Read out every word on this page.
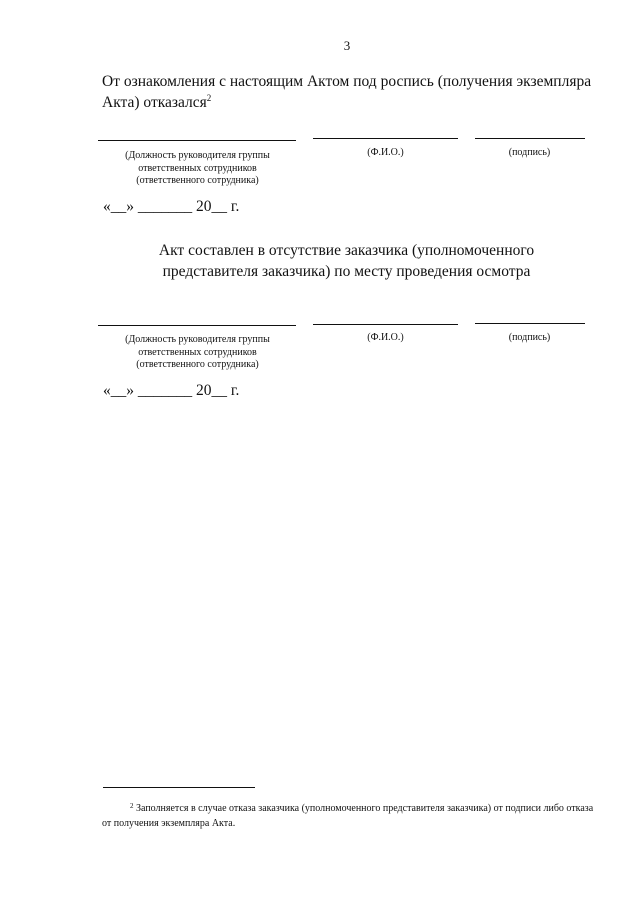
3
От ознакомления с настоящим Актом под роспись (получения экземпляра Акта) отказался$^2$
(Должность руководителя группы ответственных сотрудников (ответственного сотрудника)
(Ф.И.О.)	(подпись)
«__» _______ 20__ г.
Акт составлен в отсутствие заказчика (уполномоченного представителя заказчика) по месту проведения осмотра
(Должность руководителя группы ответственных сотрудников (ответственного сотрудника)
(Ф.И.О.)	(подпись)
«__» _______ 20__ г.
$^2$ Заполняется в случае отказа заказчика (уполномоченного представителя заказчика) от подписи либо отказа от получения экземпляра Акта.
